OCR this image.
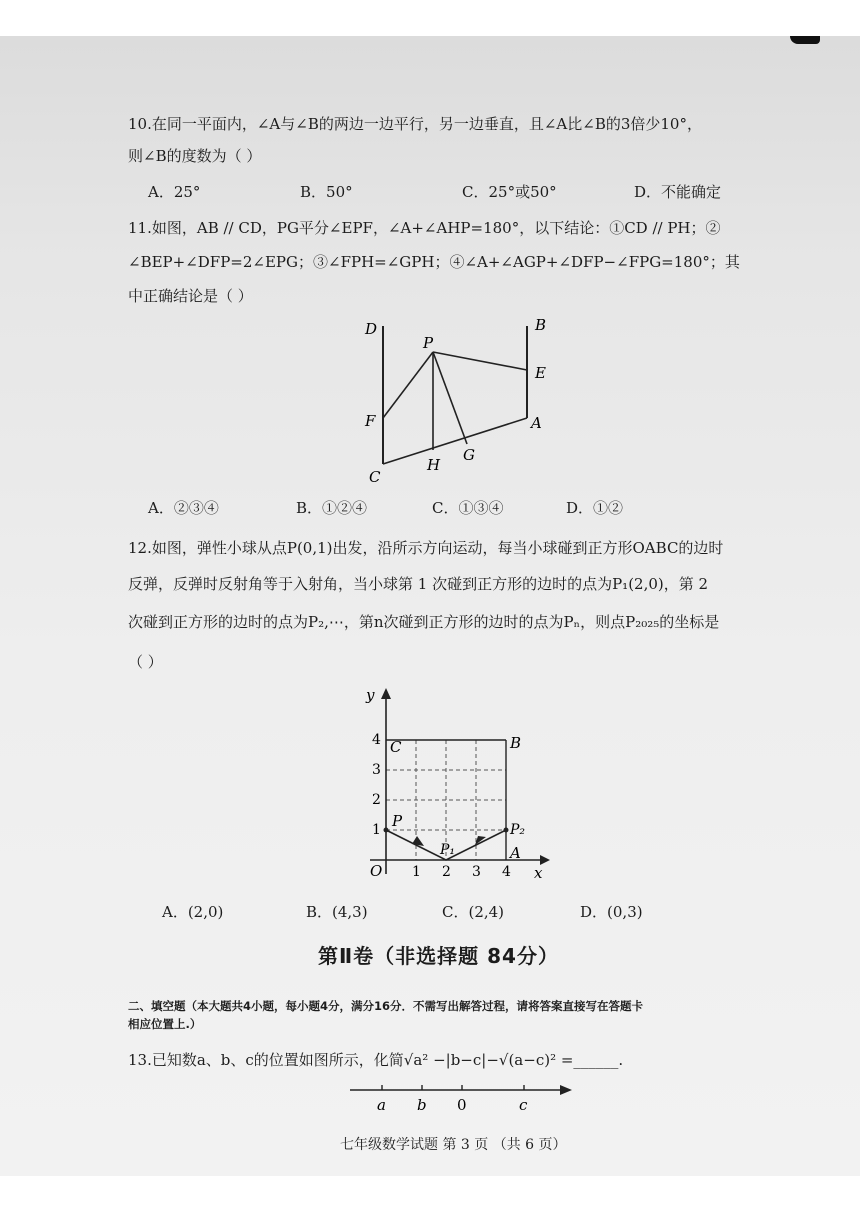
10.在同一平面内，∠A与∠B的两边一边平行，另一边垂直，且∠A比∠B的3倍少10°，
则∠B的度数为（ ）
A．25°	B．50°	C．25°或50°	D．不能确定
11.如图，AB // CD，PG平分∠EPF，∠A+∠AHP=180°，以下结论：①CD // PH；②
∠BEP+∠DFP=2∠EPG；③∠FPH=∠GPH；④∠A+∠AGP+∠DFP−∠FPG=180°；其
中正确结论是（ ）
D	B
P
E
F	A
H
G
C
A．②③④	B．①②④	C．①③④	D．①②
12.如图，弹性小球从点P(0,1)出发，沿所示方向运动，每当小球碰到正方形OABC的边时
反弹，反弹时反射角等于入射角，当小球第 1 次碰到正方形的边时的点为P₁(2,0)，第 2
次碰到正方形的边时的点为P₂,⋯，第n次碰到正方形的边时的点为Pₙ，则点P₂₀₂₅的坐标是
（ ）
y
x
O
1
2
3
4
1 2 3 4
C	B
P
P₁
P₂
A
A．(2,0)	B．(4,3)	C．(2,4)	D．(0,3)
第Ⅱ卷（非选择题 84分）
二、填空题（本大题共4小题，每小题4分，满分16分．不需写出解答过程，请将答案直接写在答题卡
相应位置上.）
13.已知数a、b、c的位置如图所示，化简√a² −|b−c|−√(a−c)² =______.
a b 0	c
七年级数学试题 第 3 页 （共 6 页）
